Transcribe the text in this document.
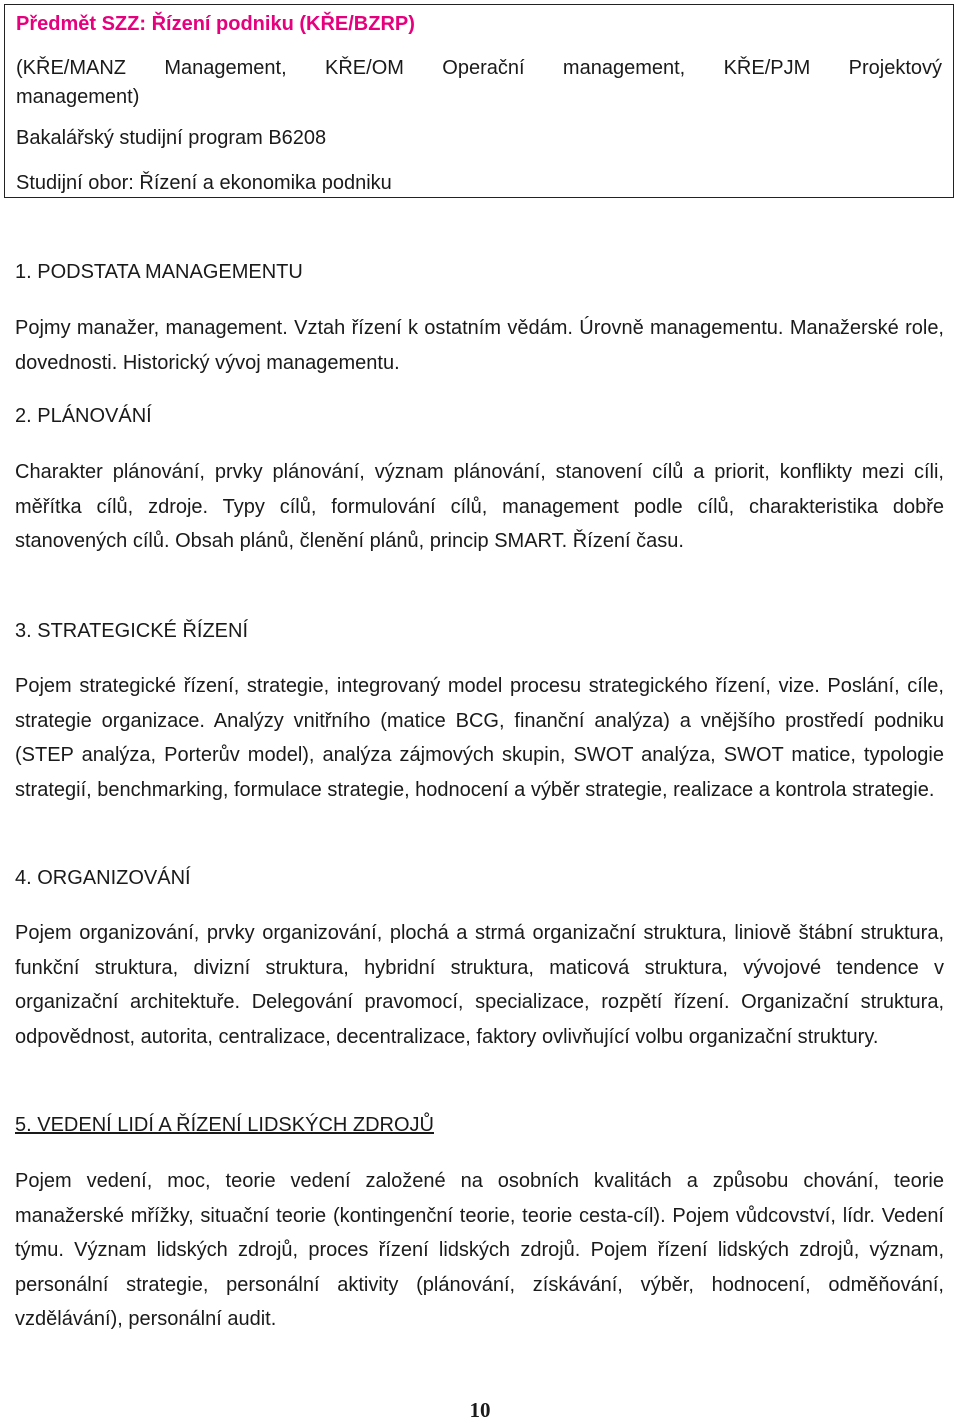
Předmět SZZ: Řízení podniku (KŘE/BZRP)

(KŘE/MANZ Management, KŘE/OM Operační management, KŘE/PJM Projektový

management)

Bakalářský studijní program B6208

Studijní obor: Řízení a ekonomika podniku

1. PODSTATA MANAGEMENTU

Pojmy manažer, management. Vztah řízení k ostatním vědám. Úrovně managementu. Manažerské role, dovednosti. Historický vývoj managementu.

2. PLÁNOVÁNÍ

Charakter plánování, prvky plánování, význam plánování, stanovení cílů a priorit, konflikty mezi cíli, měřítka cílů, zdroje. Typy cílů, formulování cílů, management podle cílů, charakteristika dobře stanovených cílů. Obsah plánů, členění plánů, princip SMART. Řízení času.

3. STRATEGICKÉ ŘÍZENÍ

Pojem strategické řízení, strategie, integrovaný model procesu strategického řízení, vize. Poslání, cíle, strategie organizace. Analýzy vnitřního (matice BCG, finanční analýza) a vnějšího prostředí podniku (STEP analýza, Porterův model), analýza zájmových skupin, SWOT analýza, SWOT matice, typologie strategií, benchmarking, formulace strategie, hodnocení a výběr strategie, realizace a kontrola strategie.

4. ORGANIZOVÁNÍ

Pojem organizování, prvky organizování, plochá a strmá organizační struktura, liniově štábní struktura, funkční struktura, divizní struktura, hybridní struktura, maticová struktura, vývojové tendence v organizační architektuře. Delegování pravomocí, specializace, rozpětí řízení. Organizační struktura, odpovědnost, autorita, centralizace, decentralizace, faktory ovlivňující volbu organizační struktury.

5. VEDENÍ LIDÍ A ŘÍZENÍ LIDSKÝCH ZDROJŮ

Pojem vedení, moc, teorie vedení založené na osobních kvalitách a způsobu chování, teorie manažerské mřížky, situační teorie (kontingenční teorie, teorie cesta-cíl). Pojem vůdcovství, lídr. Vedení týmu. Význam lidských zdrojů, proces řízení lidských zdrojů. Pojem řízení lidských zdrojů, význam, personální strategie, personální aktivity (plánování, získávání, výběr, hodnocení, odměňování, vzdělávání), personální audit.

10
